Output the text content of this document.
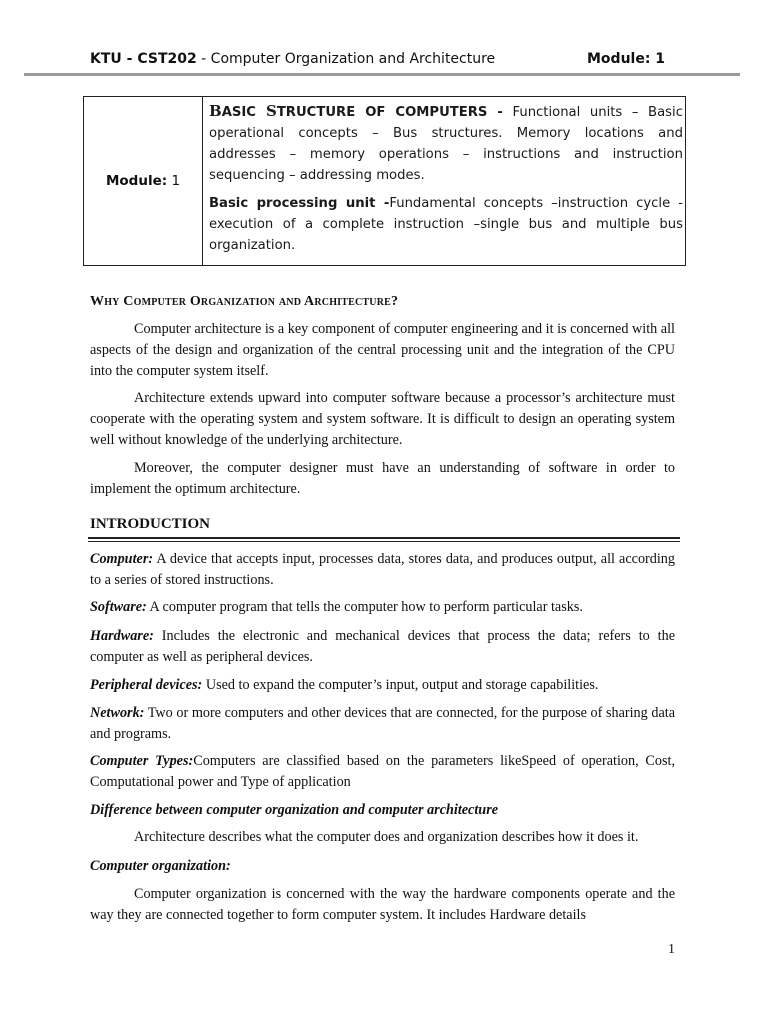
KTU - CST202 - Computer Organization and Architecture	Module: 1
Module: 1	

BASIC STRUCTURE OF COMPUTERS - Functional units – Basic operational concepts – Bus structures. Memory locations and addresses – memory operations – instructions and instruction sequencing – addressing modes.

Basic processing unit -Fundamental concepts –instruction cycle - execution of a complete instruction –single bus and multiple bus organization.

Why Computer Organization and Architecture?

Computer architecture is a key component of computer engineering and it is concerned with all aspects of the design and organization of the central processing unit and the integration of the CPU into the computer system itself.

Architecture extends upward into computer software because a processor’s architecture must cooperate with the operating system and system software. It is difficult to design an operating system well without knowledge of the underlying architecture.

Moreover, the computer designer must have an understanding of software in order to implement the optimum architecture.

INTRODUCTION

Computer: A device that accepts input, processes data, stores data, and produces output, all according to a series of stored instructions.

Software: A computer program that tells the computer how to perform particular tasks.

Hardware: Includes the electronic and mechanical devices that process the data; refers to the computer as well as peripheral devices.

Peripheral devices: Used to expand the computer’s input, output and storage capabilities.

Network: Two or more computers and other devices that are connected, for the purpose of sharing data and programs.

Computer Types:Computers are classified based on the parameters likeSpeed of operation, Cost, Computational power and Type of application

Difference between computer organization and computer architecture

Architecture describes what the computer does and organization describes how it does it.

Computer organization:

Computer organization is concerned with the way the hardware components operate and the way they are connected together to form computer system. It includes Hardware details

1
